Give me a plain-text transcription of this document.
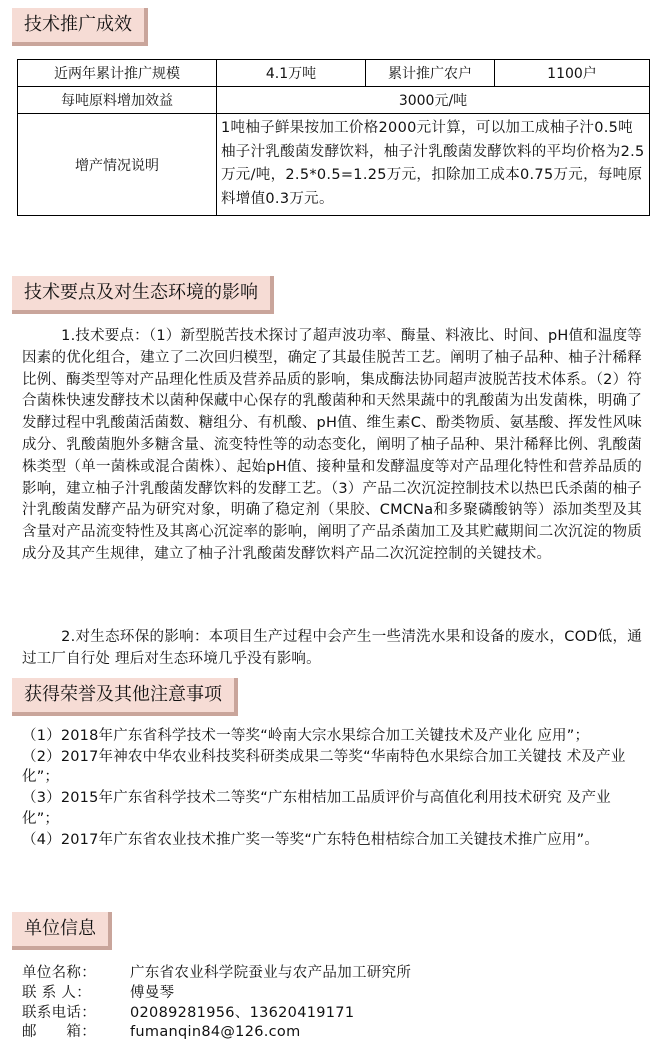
技术推广成效
近两年累计推广规模	4.1万吨	累计推广农户	1100户
每吨原料增加效益	3000元/吨		
增产情况说明	1吨柚子鲜果按加工价格2000元计算，可以加工成柚子汁0.5吨柚子汁乳酸菌发酵饮料，柚子汁乳酸菌发酵饮料的平均价格为2.5万元/吨，2.5*0.5=1.25万元，扣除加工成本0.75万元，每吨原料增值0.3万元。		
技术要点及对生态环境的影响
1.技术要点：（1）新型脱苦技术探讨了超声波功率、酶量、料液比、时间、pH值和温度等因素的优化组合，建立了二次回归模型，确定了其最佳脱苦工艺。阐明了柚子品种、柚子汁稀释比例、酶类型等对产品理化性质及营养品质的影响，集成酶法协同超声波脱苦技术体系。（2）符合菌株快速发酵技术以菌种保藏中心保存的乳酸菌种和天然果蔬中的乳酸菌为出发菌株，明确了发酵过程中乳酸菌活菌数、糖组分、有机酸、pH值、维生素C、酚类物质、氨基酸、挥发性风味成分、乳酸菌胞外多糖含量、流变特性等的动态变化，阐明了柚子品种、果汁稀释比例、乳酸菌株类型（单一菌株或混合菌株）、起始pH值、接种量和发酵温度等对产品理化特性和营养品质的影响，建立柚子汁乳酸菌发酵饮料的发酵工艺。（3）产品二次沉淀控制技术以热巴氏杀菌的柚子汁乳酸菌发酵产品为研究对象，明确了稳定剂（果胶、CMCNa和多聚磷酸钠等）添加类型及其含量对产品流变特性及其离心沉淀率的影响，阐明了产品杀菌加工及其贮藏期间二次沉淀的物质成分及其产生规律，建立了柚子汁乳酸菌发酵饮料产品二次沉淀控制的关键技术。
2.对生态环保的影响：本项目生产过程中会产生一些清洗水果和设备的废水，COD低，通过工厂自行处 理后对生态环境几乎没有影响。
获得荣誉及其他注意事项
（1）2018年广东省科学技术一等奖“岭南大宗水果综合加工关键技术及产业化 应用”；
（2）2017年神农中华农业科技奖科研类成果二等奖“华南特色水果综合加工关键技 术及产业化”；
（3）2015年广东省科学技术二等奖“广东柑桔加工品质评价与高值化利用技术研究 及产业化”；
（4）2017年广东省农业技术推广奖一等奖“广东特色柑桔综合加工关键技术推广应用”。
单位信息
单位名称： 广东省农业科学院蚕业与农产品加工研究所
联 系 人：	傅曼琴
联系电话： 02089281956、13620419171
邮　　箱： fumanqin84@126.com
